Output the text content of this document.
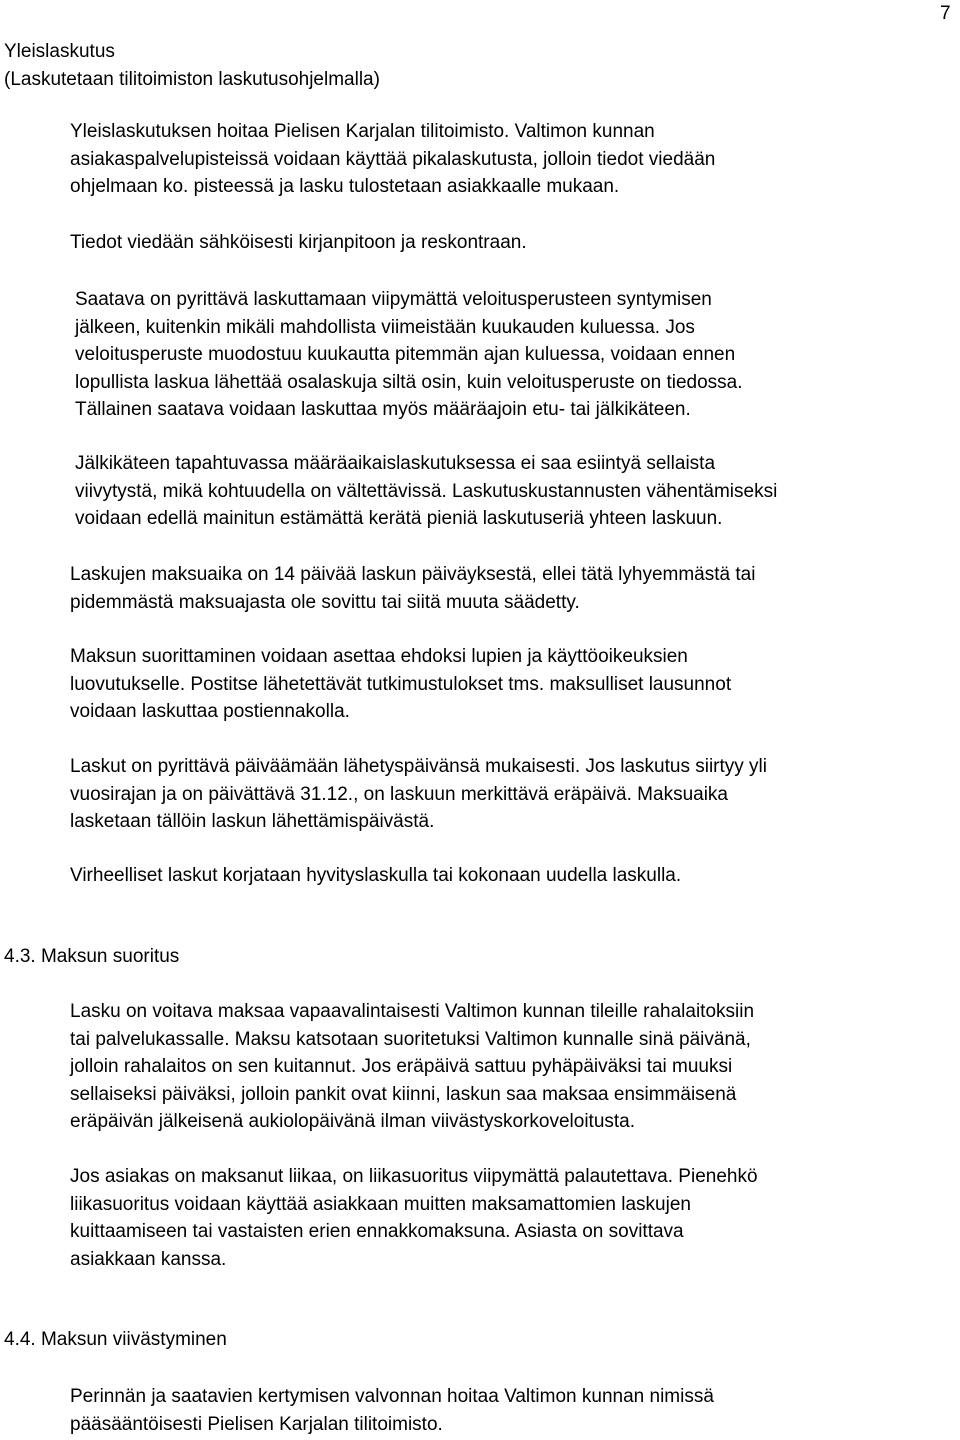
7
Yleislaskutus
(Laskutetaan tilitoimiston laskutusohjelmalla)
Yleislaskutuksen hoitaa Pielisen Karjalan tilitoimisto. Valtimon kunnan
asiakaspalvelupisteissä voidaan käyttää pikalaskutusta, jolloin tiedot viedään
ohjelmaan ko. pisteessä ja lasku tulostetaan asiakkaalle mukaan.
Tiedot viedään sähköisesti kirjanpitoon ja reskontraan.
Saatava on pyrittävä laskuttamaan viipymättä veloitusperusteen syntymisen
jälkeen, kuitenkin mikäli mahdollista viimeistään kuukauden kuluessa. Jos
veloitusperuste muodostuu kuukautta pitemmän ajan kuluessa, voidaan ennen
lopullista laskua lähettää osalaskuja siltä osin, kuin veloitusperuste on tiedossa.
Tällainen saatava voidaan laskuttaa myös määräajoin etu- tai jälkikäteen.
Jälkikäteen tapahtuvassa määräaikaislaskutuksessa ei saa esiintyä sellaista
viivytystä, mikä kohtuudella on vältettävissä. Laskutuskustannusten vähentämiseksi
voidaan edellä mainitun estämättä kerätä pieniä laskutuseriä yhteen laskuun.
Laskujen maksuaika on 14 päivää laskun päiväyksestä, ellei tätä lyhyemmästä tai
pidemmästä maksuajasta ole sovittu tai siitä muuta säädetty.
Maksun suorittaminen voidaan asettaa ehdoksi lupien ja käyttöoikeuksien
luovutukselle. Postitse lähetettävät tutkimustulokset tms. maksulliset lausunnot
voidaan laskuttaa postiennakolla.
Laskut on pyrittävä päiväämään lähetyspäivänsä mukaisesti. Jos laskutus siirtyy yli
vuosirajan ja on päivättävä 31.12., on laskuun merkittävä eräpäivä. Maksuaika
lasketaan tällöin laskun lähettämispäivästä.
Virheelliset laskut korjataan hyvityslaskulla tai kokonaan uudella laskulla.
4.3. Maksun suoritus
Lasku on voitava maksaa vapaavalintaisesti Valtimon kunnan tileille rahalaitoksiin
tai palvelukassalle. Maksu katsotaan suoritetuksi Valtimon kunnalle sinä päivänä,
jolloin rahalaitos on sen kuitannut. Jos eräpäivä sattuu pyhäpäiväksi tai muuksi
sellaiseksi päiväksi, jolloin pankit ovat kiinni, laskun saa maksaa ensimmäisenä
eräpäivän jälkeisenä aukiolopäivänä ilman viivästyskorkoveloitusta.
Jos asiakas on maksanut liikaa, on liikasuoritus viipymättä palautettava. Pienehkö
liikasuoritus voidaan käyttää asiakkaan muitten maksamattomien laskujen
kuittaamiseen tai vastaisten erien ennakkomaksuna. Asiasta on sovittava
asiakkaan kanssa.
4.4. Maksun viivästyminen
Perinnän ja saatavien kertymisen valvonnan hoitaa Valtimon kunnan nimissä
pääsääntöisesti Pielisen Karjalan tilitoimisto.
